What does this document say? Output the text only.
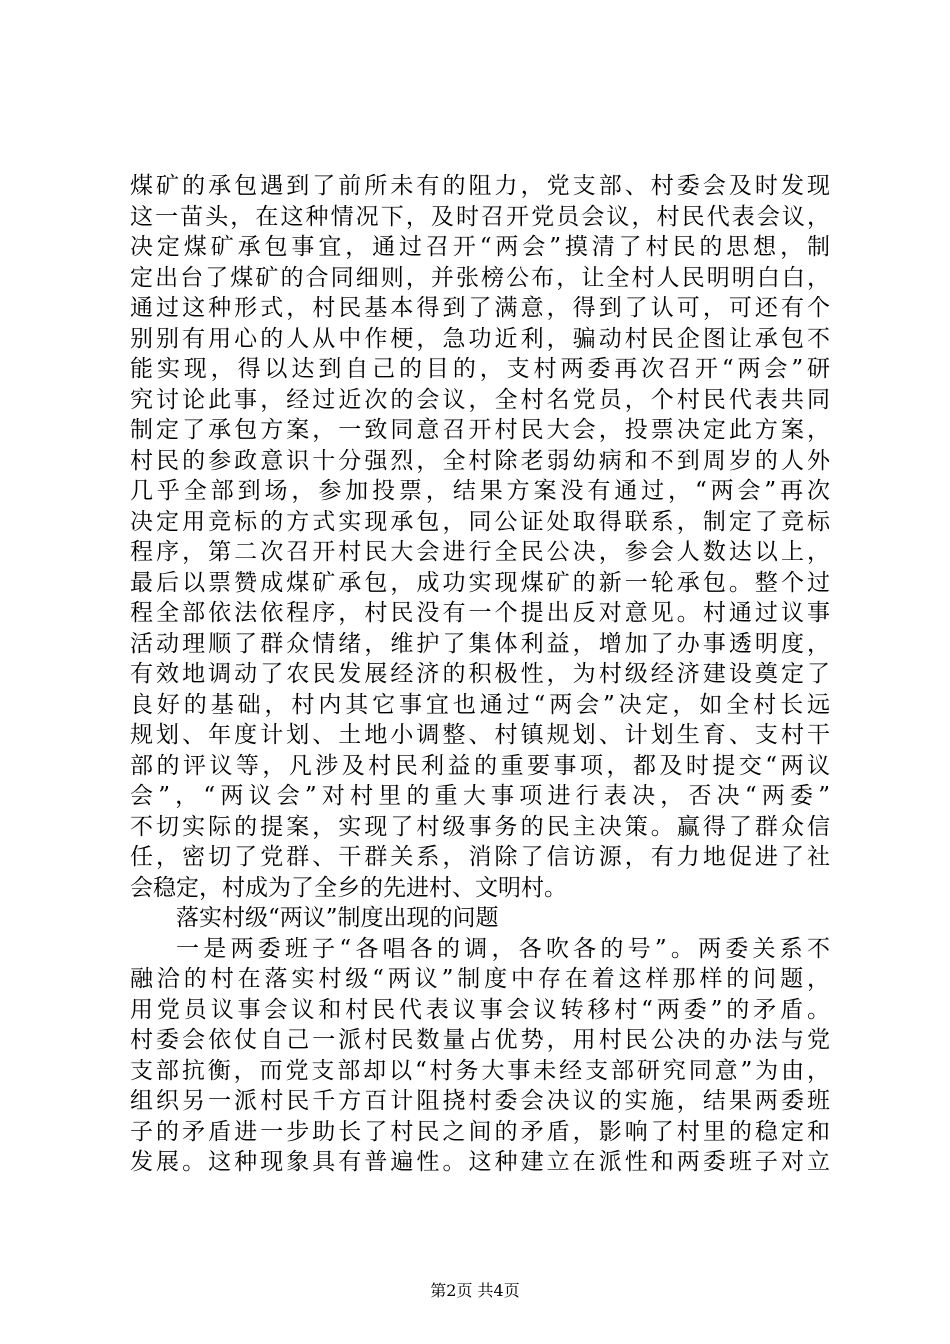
煤矿的承包遇到了前所未有的阻力，党支部、村委会及时发现
这一苗头，在这种情况下，及时召开党员会议，村民代表会议，
决定煤矿承包事宜，通过召开“两会”摸清了村民的思想，制
定出台了煤矿的合同细则，并张榜公布，让全村人民明明白白，
通过这种形式，村民基本得到了满意，得到了认可，可还有个
别别有用心的人从中作梗，急功近利，骗动村民企图让承包不
能实现，得以达到自己的目的，支村两委再次召开“两会”研
究讨论此事，经过近次的会议，全村名党员，个村民代表共同
制定了承包方案，一致同意召开村民大会，投票决定此方案，
村民的参政意识十分强烈，全村除老弱幼病和不到周岁的人外
几乎全部到场，参加投票，结果方案没有通过，“两会”再次
决定用竞标的方式实现承包，同公证处取得联系，制定了竞标
程序，第二次召开村民大会进行全民公决，参会人数达以上，
最后以票赞成煤矿承包，成功实现煤矿的新一轮承包。整个过
程全部依法依程序，村民没有一个提出反对意见。村通过议事
活动理顺了群众情绪，维护了集体利益，增加了办事透明度，
有效地调动了农民发展经济的积极性，为村级经济建设奠定了
良好的基础，村内其它事宜也通过“两会”决定，如全村长远
规划、年度计划、土地小调整、村镇规划、计划生育、支村干
部的评议等，凡涉及村民利益的重要事项，都及时提交“两议
会”，“两议会”对村里的重大事项进行表决，否决“两委”
不切实际的提案，实现了村级事务的民主决策。赢得了群众信
任，密切了党群、干群关系，消除了信访源，有力地促进了社
会稳定，村成为了全乡的先进村、文明村。
落实村级“两议”制度出现的问题
一是两委班子“各唱各的调，各吹各的号”。两委关系不
融洽的村在落实村级“两议”制度中存在着这样那样的问题，
用党员议事会议和村民代表议事会议转移村“两委”的矛盾。
村委会依仗自己一派村民数量占优势，用村民公决的办法与党
支部抗衡，而党支部却以“村务大事未经支部研究同意”为由，
组织另一派村民千方百计阻挠村委会决议的实施，结果两委班
子的矛盾进一步助长了村民之间的矛盾，影响了村里的稳定和
发展。这种现象具有普遍性。这种建立在派性和两委班子对立
第2页 共4页
